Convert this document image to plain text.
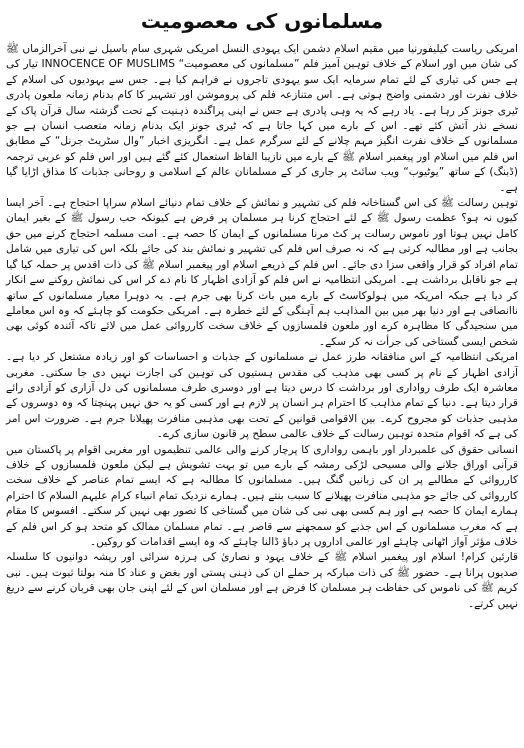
مسلمانوں کی معصومیت

امریکی ریاست کیلیفورنیا میں مقیم اسلام دشمن ایک یہودی النسل امریکی شہری سام باسیل نے نبی آخرالزماں ﷺ کی شان میں اور اسلام کے خلاف توہین آمیز فلم ”مسلمانوں کی معصومیت“ INNOCENCE OF MUSLIMS تیار کی ہے جس کی تیاری کے لئے تمام سرمایہ ایک سو یہودی تاجروں نے فراہم کیا ہے۔ جس سے یہودیوں کی اسلام کے خلاف نفرت اور دشمنی واضح ہوتی ہے۔ اس متنازعہ فلم کی پروموشن اور تشہیر کا کام بدنام زمانہ ملعون پادری ٹیری جونز کر رہا ہے۔ یاد رہے کہ یہ وہی پادری ہے جس نے اپنی پراگندہ ذہنیت کے تحت گزشتہ سال قرآن پاک کے نسخے نذر آتش کئے تھے۔ اس کے بارے میں کہا جاتا ہے کہ ٹیری جونز ایک بدنام زمانہ متعصب انسان ہے جو مسلمانوں کے خلاف نفرت انگیز مہم چلانے کے لئے سرگرم عمل ہے۔ انگریزی اخبار ”وال سٹریٹ جرنل“ کے مطابق اس فلم میں اسلام اور پیغمبر اسلام ﷺ کے بارے میں نازیبا الفاظ استعمال کئے گئے ہیں اور اس فلم کو عربی ترجمہ (ڈبنگ) کے ساتھ ”یوٹیوب“ ویب سائٹ پر جاری کر کے مسلمانان عالم کے اسلامی و روحانی جذبات کا مذاق اڑایا گیا ہے۔

توہین رسالت ﷺ کی اس گستاخانہ فلم کی تشہیر و نمائش کے خلاف تمام دنیائے اسلام سراپا احتجاج ہے۔ آخر ایسا کیوں نہ ہو؟ عظمت رسول ﷺ کے لئے احتجاج کرنا ہر مسلمان پر فرض ہے کیونکہ حب رسول ﷺ کے بغیر ایمان کامل نہیں ہوتا اور ناموس رسالت پر کٹ مرنا مسلمانوں کے ایمان کا حصہ ہے۔ امت مسلمہ احتجاج کرنے میں حق بجانب ہے اور مطالبہ کرتی ہے کہ نہ صرف اس فلم کی تشہیر و نمائش بند کی جائے بلکہ اس کی تیاری میں شامل تمام افراد کو قرار واقعی سزا دی جائے۔ اس فلم کے ذریعے اسلام اور پیغمبر اسلام ﷺ کی ذات اقدس پر حملہ کیا گیا ہے جو ناقابل برداشت ہے۔ امریکی انتظامیہ نے اس فلم کو آزادی اظہار کا نام دے کر اس کی نمائش روکنے سے انکار کر دیا ہے جبکہ امریکہ میں ہولوکاسٹ کے بارے میں بات کرنا بھی جرم ہے۔ یہ دوہرا معیار مسلمانوں کے ساتھ ناانصافی ہے اور دنیا بھر میں بین المذاہب ہم آہنگی کے لئے خطرہ ہے۔ امریکی حکومت کو چاہئے کہ وہ اس معاملے میں سنجیدگی کا مظاہرہ کرے اور ملعون فلمسازوں کے خلاف سخت کارروائی عمل میں لائے تاکہ آئندہ کوئی بھی شخص ایسی گستاخی کی جرأت نہ کر سکے۔

امریکی انتظامیہ کے اس منافقانہ طرز عمل نے مسلمانوں کے جذبات و احساسات کو اور زیادہ مشتعل کر دیا ہے۔ آزادی اظہار کے نام پر کسی بھی مذہب کی مقدس ہستیوں کی توہین کی اجازت نہیں دی جا سکتی۔ مغربی معاشرہ ایک طرف رواداری اور برداشت کا درس دیتا ہے اور دوسری طرف مسلمانوں کی دل آزاری کو آزادی رائے قرار دیتا ہے۔ دنیا کے تمام مذاہب کا احترام ہر انسان پر لازم ہے اور کسی کو یہ حق نہیں پہنچتا کہ وہ دوسروں کے مذہبی جذبات کو مجروح کرے۔ بین الاقوامی قوانین کے تحت بھی مذہبی منافرت پھیلانا جرم ہے۔ ضرورت اس امر کی ہے کہ اقوام متحدہ توہین رسالت کے خلاف عالمی سطح پر قانون سازی کرے۔

انسانی حقوق کی علمبردار اور باہمی رواداری کا پرچار کرنے والی عالمی تنظیموں اور مغربی اقوام پر پاکستان میں قرآنی اوراق جلانے والی مسیحی لڑکی رمشہ کے بارے میں تو بہت تشویش ہے لیکن ملعون فلمسازوں کے خلاف کارروائی کے مطالبے پر ان کی زبانیں گنگ ہیں۔ مسلمانوں کا مطالبہ ہے کہ ایسے تمام عناصر کے خلاف سخت کارروائی کی جائے جو مذہبی منافرت پھیلانے کا سبب بنتے ہیں۔ ہمارے نزدیک تمام انبیاء کرام علیہم السلام کا احترام ہمارے ایمان کا حصہ ہے اور ہم کسی بھی نبی کی شان میں گستاخی کا تصور بھی نہیں کر سکتے۔ افسوس کا مقام ہے کہ مغرب مسلمانوں کے اس جذبے کو سمجھنے سے قاصر ہے۔ تمام مسلمان ممالک کو متحد ہو کر اس فلم کے خلاف مؤثر آواز اٹھانی چاہئے اور عالمی اداروں پر دباؤ ڈالنا چاہئے کہ وہ ایسے اقدامات کو روکیں۔

قارئین کرام! اسلام اور پیغمبر اسلام ﷺ کے خلاف یہود و نصاریٰ کی ہرزہ سرائی اور ریشہ دوانیوں کا سلسلہ صدیوں پرانا ہے۔ حضور ﷺ کی ذات مبارکہ پر حملے ان کی ذہنی پستی اور بغض و عناد کا منہ بولتا ثبوت ہیں۔ نبی کریم ﷺ کی ناموس کی حفاظت ہر مسلمان کا فرض ہے اور مسلمان اس کے لئے اپنی جان بھی قربان کرنے سے دریغ نہیں کرتے۔
